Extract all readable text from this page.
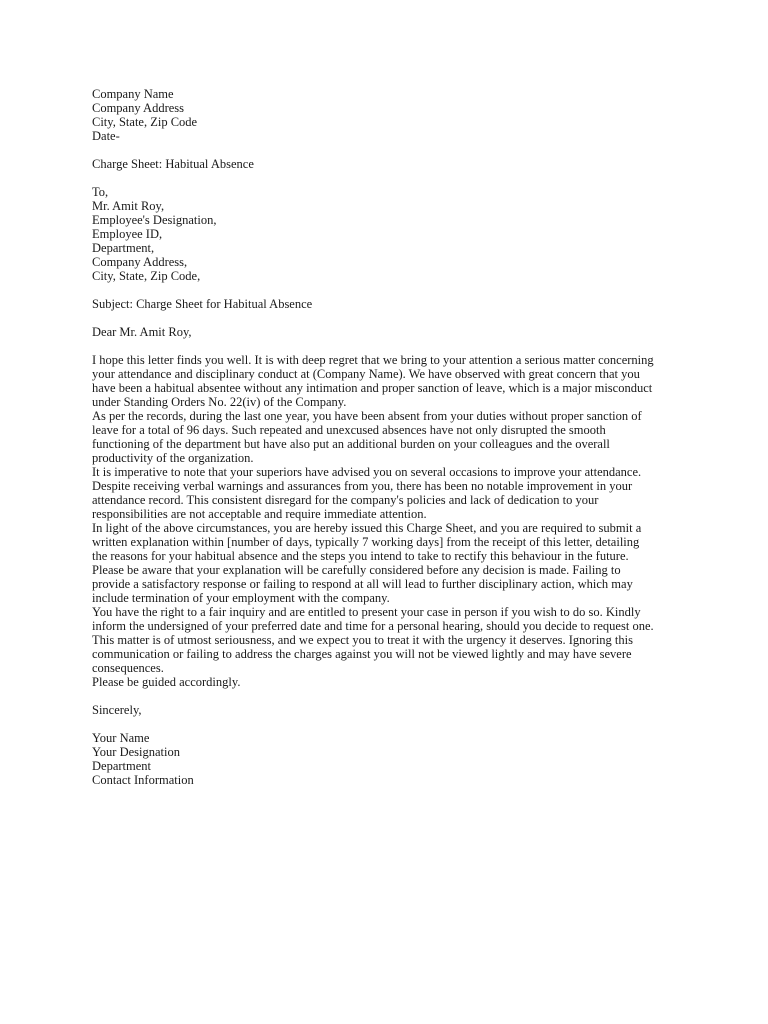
Company Name
Company Address
City, State, Zip Code
Date-
Charge Sheet: Habitual Absence
To,
Mr. Amit Roy,
Employee's Designation,
Employee ID,
Department,
Company Address,
City, State, Zip Code,
Subject: Charge Sheet for Habitual Absence
Dear Mr. Amit Roy,

I hope this letter finds you well. It is with deep regret that we bring to your attention a serious matter concerning
your attendance and disciplinary conduct at (Company Name). We have observed with great concern that you
have been a habitual absentee without any intimation and proper sanction of leave, which is a major misconduct
under Standing Orders No. 22(iv) of the Company.

As per the records, during the last one year, you have been absent from your duties without proper sanction of
leave for a total of 96 days. Such repeated and unexcused absences have not only disrupted the smooth
functioning of the department but have also put an additional burden on your colleagues and the overall
productivity of the organization.

It is imperative to note that your superiors have advised you on several occasions to improve your attendance.
Despite receiving verbal warnings and assurances from you, there has been no notable improvement in your
attendance record. This consistent disregard for the company's policies and lack of dedication to your
responsibilities are not acceptable and require immediate attention.

In light of the above circumstances, you are hereby issued this Charge Sheet, and you are required to submit a
written explanation within [number of days, typically 7 working days] from the receipt of this letter, detailing
the reasons for your habitual absence and the steps you intend to take to rectify this behaviour in the future.

Please be aware that your explanation will be carefully considered before any decision is made. Failing to
provide a satisfactory response or failing to respond at all will lead to further disciplinary action, which may
include termination of your employment with the company.

You have the right to a fair inquiry and are entitled to present your case in person if you wish to do so. Kindly
inform the undersigned of your preferred date and time for a personal hearing, should you decide to request one.

This matter is of utmost seriousness, and we expect you to treat it with the urgency it deserves. Ignoring this
communication or failing to address the charges against you will not be viewed lightly and may have severe
consequences.

Please be guided accordingly.

Sincerely,
Your Name
Your Designation
Department
Contact Information
